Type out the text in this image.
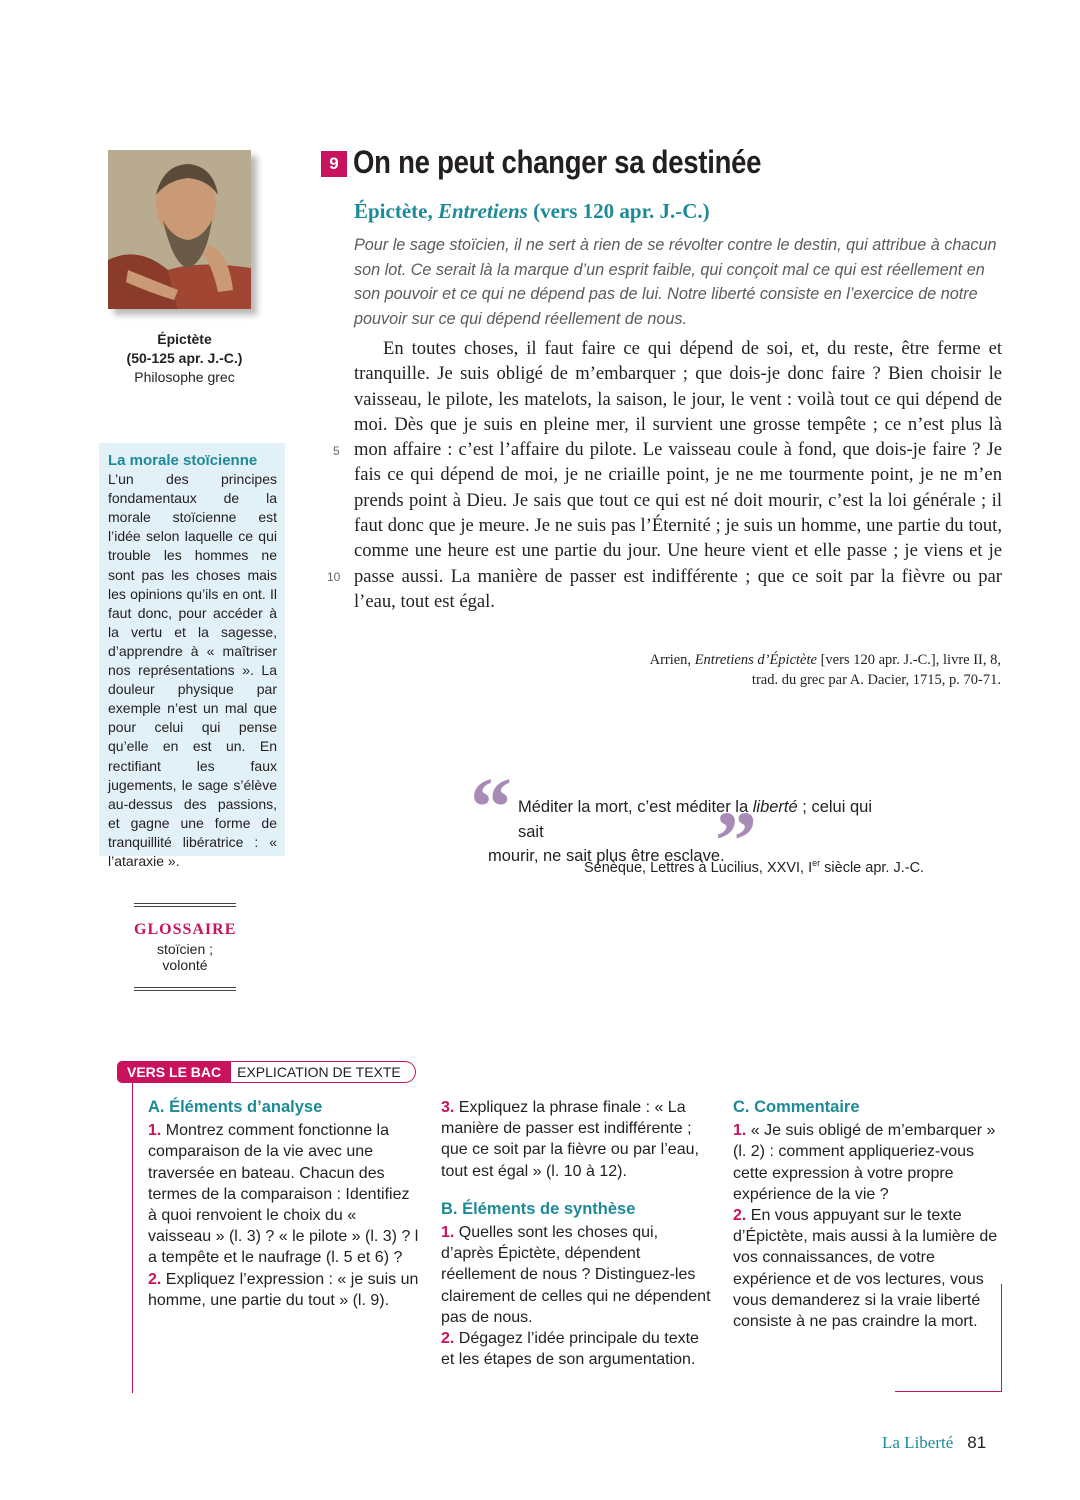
Épictète
(50-125 apr. J.-C.)
Philosophe grec
La morale stoïcienne
L’un des principes fondamentaux de la morale stoïcienne est l’idée selon laquelle ce qui trouble les hommes ne sont pas les choses mais les opinions qu’ils en ont. Il faut donc, pour accéder à la vertu et la sagesse, d’apprendre à « maîtriser nos représentations ». La douleur physique par exemple n’est un mal que pour celui qui pense qu’elle en est un. En rectifiant les faux jugements, le sage s’élève au-dessus des passions, et gagne une forme de tranquillité libératrice : « l’ataraxie ».
GLOSSAIRE
stoïcien ; volonté
9 On ne peut changer sa destinée
Épictète, Entretiens (vers 120 apr. J.-C.)
Pour le sage stoïcien, il ne sert à rien de se révolter contre le destin, qui attribue à chacun son lot. Ce serait là la marque d’un esprit faible, qui conçoit mal ce qui est réellement en son pouvoir et ce qui ne dépend pas de lui. Notre liberté consiste en l’exercice de notre pouvoir sur ce qui dépend réellement de nous.

En toutes choses, il faut faire ce qui dépend de soi, et, du reste, être ferme et tranquille. Je suis obligé de m’embarquer ; que dois-je donc faire ? Bien choisir le vaisseau, le pilote, les matelots, la saison, le jour, le vent : voilà tout ce qui dépend de moi. Dès que je suis en pleine mer, il survient une grosse tempête ; ce n’est plus là mon affaire : c’est l’affaire du pilote. Le vaisseau coule à fond, que dois-je faire ? Je fais ce qui dépend de moi, je ne criaille point, je ne me tourmente point, je ne m’en prends point à Dieu. Je sais que tout ce qui est né doit mourir, c’est la loi générale ; il faut donc que je meure. Je ne suis pas l’Éternité ; je suis un homme, une partie du tout, comme une heure est une partie du jour. Une heure vient et elle passe ; je viens et je passe aussi. La manière de passer est indifférente ; que ce soit par la fièvre ou par l’eau, tout est égal.

5
10
Arrien, Entretiens d’Épictète [vers 120 apr. J.-C.], livre II, 8,
trad. du grec par A. Dacier, 1715, p. 70-71.
“ Méditer la mort, c’est méditer la liberté ; celui qui sait
mourir, ne sait plus être esclave.
”
Sénèque, Lettres à Lucilius, XXVI, Ier siècle apr. J.-C.
VERS LE BAC	EXPLICATION DE TEXTE
A. Éléments d’analyse

1. Montrez comment fonctionne la comparaison de la vie avec une traversée en bateau. Chacun des termes de la comparaison : Identifiez à quoi renvoient le choix du « vaisseau » (l. 3) ? « le pilote » (l. 3) ? l a tempête et le naufrage (l. 5 et 6) ?

2. Expliquez l’expression : « je suis un homme, une partie du tout » (l. 9).

3. Expliquez la phrase finale : « La manière de passer est indifférente ; que ce soit par la fièvre ou par l’eau, tout est égal » (l. 10 à 12).

B. Éléments de synthèse

1. Quelles sont les choses qui, d’après Épictète, dépendent réellement de nous ? Distinguez-les clairement de celles qui ne dépendent pas de nous.

2. Dégagez l’idée principale du texte et les étapes de son argumentation.

C. Commentaire

1. « Je suis obligé de m’embarquer » (l. 2) : comment appliqueriez-vous cette expression à votre propre expérience de la vie ?

2. En vous appuyant sur le texte d’Épictète, mais aussi à la lumière de vos connaissances, de votre expérience et de vos lectures, vous vous demanderez si la vraie liberté consiste à ne pas craindre la mort.

La Liberté 81
